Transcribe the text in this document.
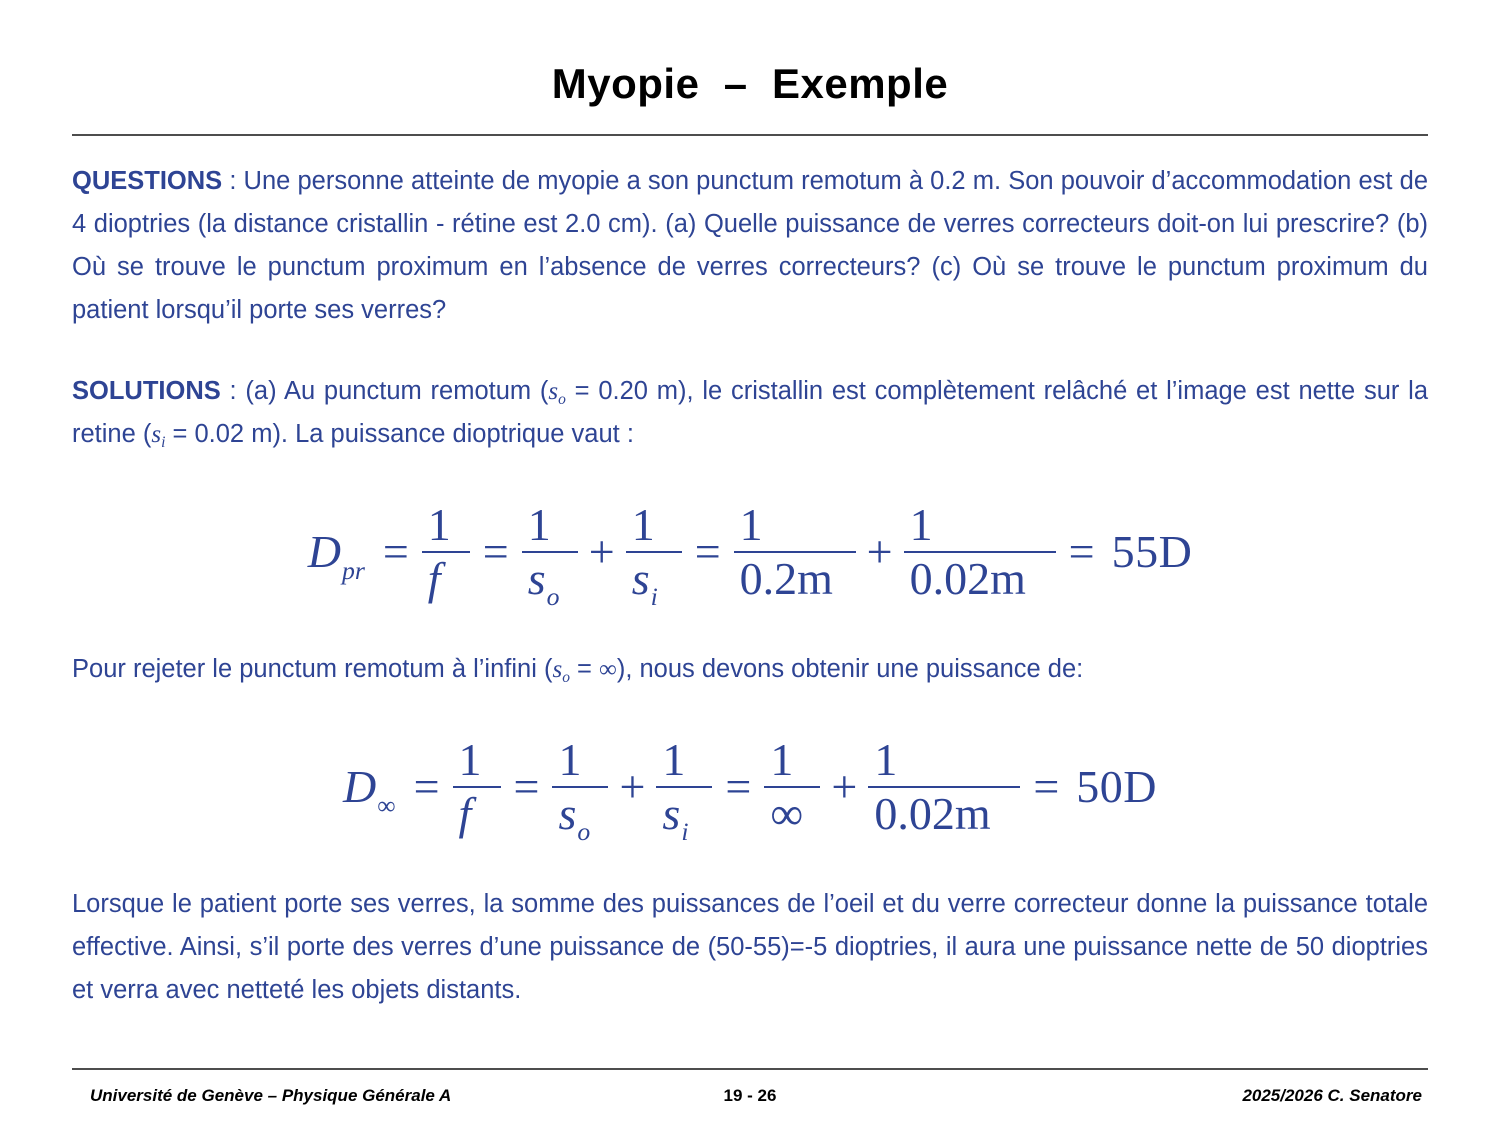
Myopie  –  Exemple

QUESTIONS : Une personne atteinte de myopie a son punctum remotum à 0.2 m. Son pouvoir d’accommodation est de 4 dioptries (la distance cristallin - rétine est 2.0 cm). (a) Quelle puissance de verres correcteurs doit-on lui prescrire? (b) Où se trouve le punctum proximum en l’absence de verres correcteurs? (c) Où se trouve le punctum proximum du patient lorsqu’il porte ses verres?

SOLUTIONS : (a) Au punctum remotum ($s_o = 0.20$ m), le cristallin est complètement relâché et l’image est nette sur la retine ($s_i = 0.02$ m). La puissance dioptrique vaut :

$D_{pr} = \frac{1}{f} = \frac{1}{s_o} + \frac{1}{s_i} = \frac{1}{0.2m} + \frac{1}{0.02m} = 55D$

Pour rejeter le punctum remotum à l’infini ($s_o$ = ∞), nous devons obtenir une puissance de:

$D_\infty = \frac{1}{f} = \frac{1}{s_o} + \frac{1}{s_i} = \frac{1}{\infty} + \frac{1}{0.02m} = 50D$

Lorsque le patient porte ses verres, la somme des puissances de l’oeil et du verre correcteur donne la puissance totale effective. Ainsi, s’il porte des verres d’une puissance de (50-55)=-5 dioptries, il aura une puissance nette de 50 dioptries et verra avec netteté les objets distants.

Université de Genève – Physique Générale A	19 - 26	2025/2026 C. Senatore
